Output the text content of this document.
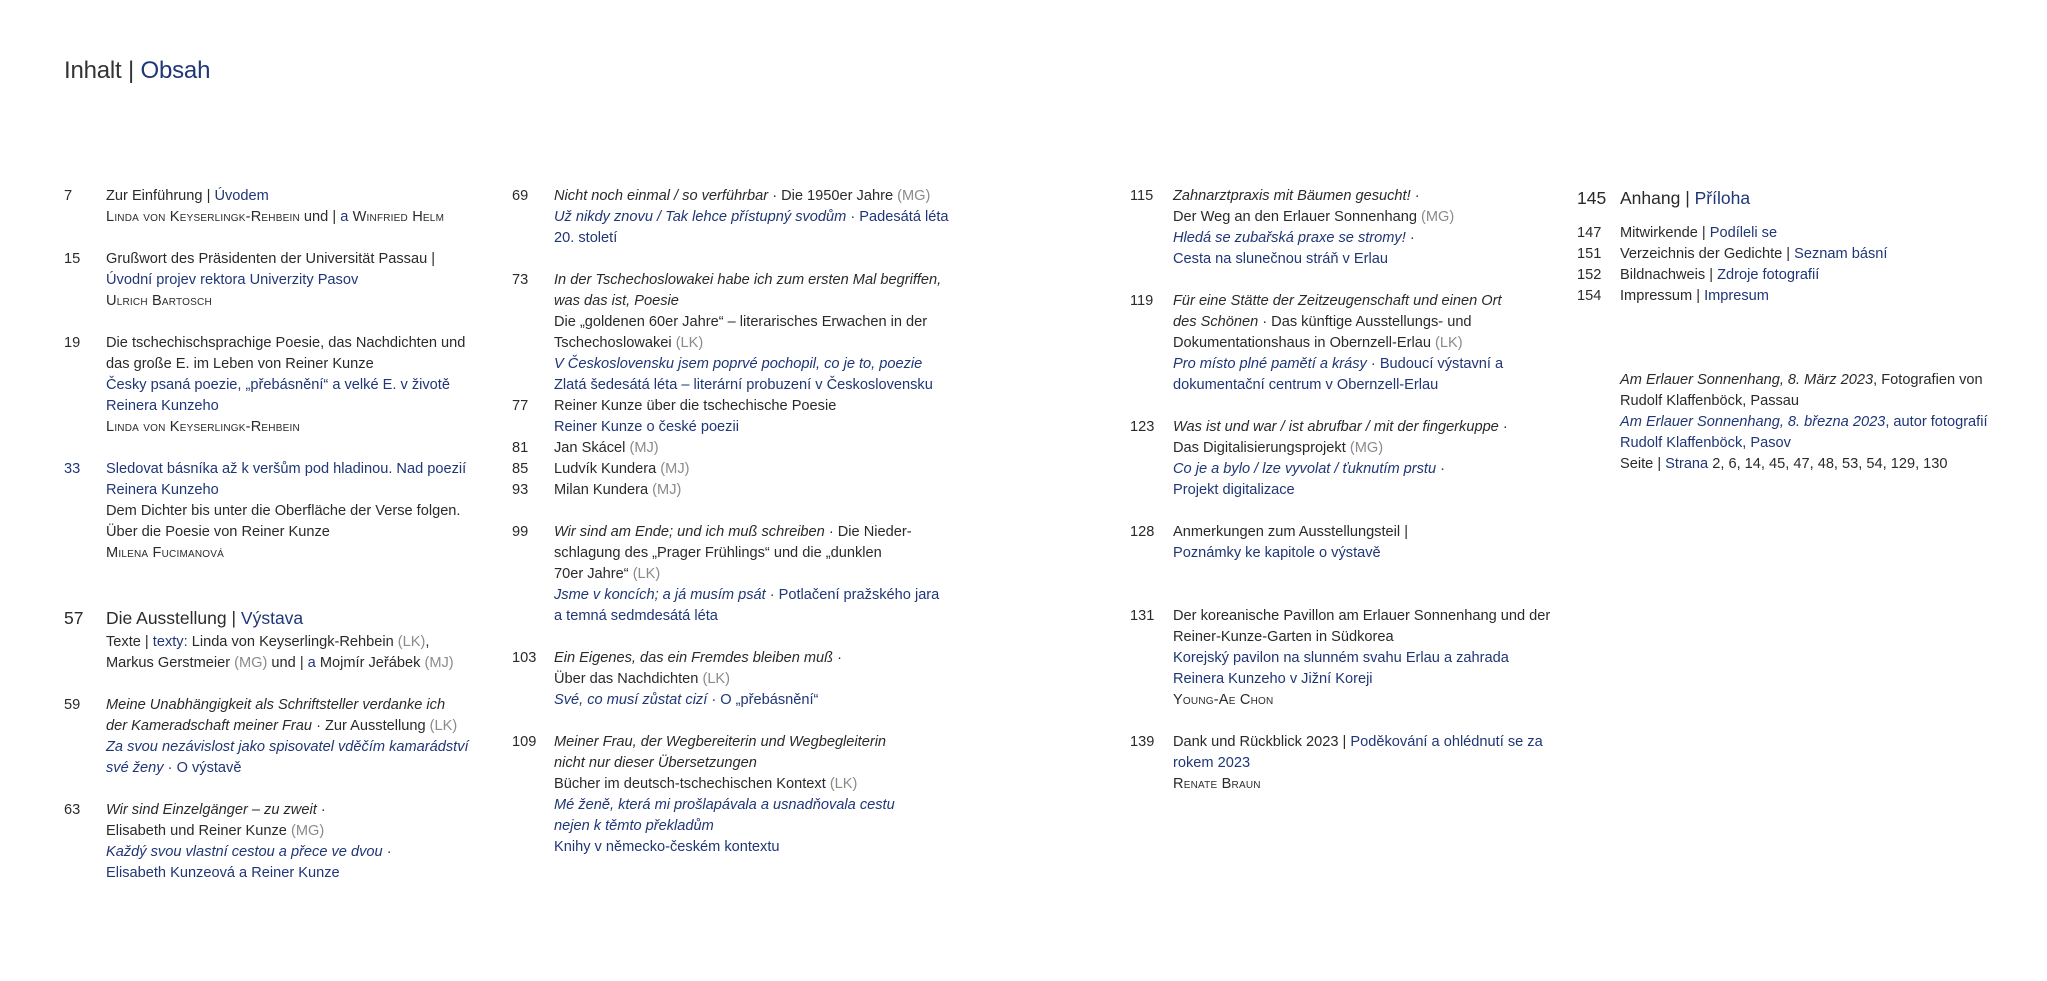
Inhalt | Obsah
7 Zur Einführung | Úvodem
Linda von Keyserlingk-Rehbein und | a Winfried Helm
15 Grußwort des Präsidenten der Universität Passau |
Úvodní projev rektora Univerzity Pasov
Ulrich Bartosch
19 Die tschechischsprachige Poesie, das Nachdichten und
das große E. im Leben von Reiner Kunze
Česky psaná poezie, „přebásnění“ a velké E. v životě
Reinera Kunzeho
Linda von Keyserlingk-Rehbein
33 Sledovat básníka až k veršům pod hladinou. Nad poezií
Reinera Kunzeho
Dem Dichter bis unter die Oberfläche der Verse folgen.
Über die Poesie von Reiner Kunze
Milena Fucimanová
57 Die Ausstellung | Výstava
Texte | texty: Linda von Keyserlingk-Rehbein (LK),
Markus Gerstmeier (MG) und | a Mojmír Jeřábek (MJ)
59 Meine Unabhängigkeit als Schriftsteller verdanke ich
der Kameradschaft meiner Frau · Zur Ausstellung (LK)
Za svou nezávislost jako spisovatel vděčím kamarádství
své ženy · O výstavě
63 Wir sind Einzelgänger – zu zweit ·
Elisabeth und Reiner Kunze (MG)
Každý svou vlastní cestou a přece ve dvou ·
Elisabeth Kunzeová a Reiner Kunze
69 Nicht noch einmal / so verführbar · Die 1950er Jahre (MG)
Už nikdy znovu / Tak lehce přístupný svodům · Padesátá léta
20. století
73 In der Tschechoslowakei habe ich zum ersten Mal begriffen,
was das ist, Poesie
Die „goldenen 60er Jahre“ – literarisches Erwachen in der
Tschechoslowakei (LK)
V Československu jsem poprvé pochopil, co je to, poezie
Zlatá šedesátá léta – literární probuzení v Československu
77 Reiner Kunze über die tschechische Poesie
Reiner Kunze o české poezii
81 Jan Skácel (MJ)
85 Ludvík Kundera (MJ)
93 Milan Kundera (MJ)
99 Wir sind am Ende; und ich muß schreiben · Die Nieder-
schlagung des „Prager Frühlings“ und die „dunklen
70er Jahre“ (LK)
Jsme v koncích; a já musím psát · Potlačení pražského jara
a temná sedmdesátá léta
103 Ein Eigenes, das ein Fremdes bleiben muß ·
Über das Nachdichten (LK)
Své, co musí zůstat cizí · O „přebásnění“
109 Meiner Frau, der Wegbereiterin und Wegbegleiterin
nicht nur dieser Übersetzungen
Bücher im deutsch-tschechischen Kontext (LK)
Mé ženě, která mi prošlapávala a usnadňovala cestu
nejen k těmto překladům
Knihy v německo-českém kontextu
115 Zahnarztpraxis mit Bäumen gesucht! ·
Der Weg an den Erlauer Sonnenhang (MG)
Hledá se zubařská praxe se stromy! ·
Cesta na slunečnou stráň v Erlau
119 Für eine Stätte der Zeitzeugenschaft und einen Ort
des Schönen · Das künftige Ausstellungs- und
Dokumentationshaus in Obernzell-Erlau (LK)
Pro místo plné pamětí a krásy · Budoucí výstavní a
dokumentační centrum v Obernzell-Erlau
123 Was ist und war / ist abrufbar / mit der fingerkuppe ·
Das Digitalisierungsprojekt (MG)
Co je a bylo / lze vyvolat / ťuknutím prstu ·
Projekt digitalizace
128 Anmerkungen zum Ausstellungsteil |
Poznámky ke kapitole o výstavě
131 Der koreanische Pavillon am Erlauer Sonnenhang und der
Reiner-Kunze-Garten in Südkorea
Korejský pavilon na slunném svahu Erlau a zahrada
Reinera Kunzeho v Jižní Koreji
Young-Ae Chon
139 Dank und Rückblick 2023 | Poděkování a ohlédnutí se za
rokem 2023
Renate Braun
145 Anhang | Příloha
147 Mitwirkende | Podíleli se
151 Verzeichnis der Gedichte | Seznam básní
152 Bildnachweis | Zdroje fotografií
154 Impressum | Impresum
Am Erlauer Sonnenhang, 8. März 2023, Fotografien von
Rudolf Klaffenböck, Passau
Am Erlauer Sonnenhang, 8. března 2023, autor fotografií
Rudolf Klaffenböck, Pasov
Seite | Strana 2, 6, 14, 45, 47, 48, 53, 54, 129, 130
